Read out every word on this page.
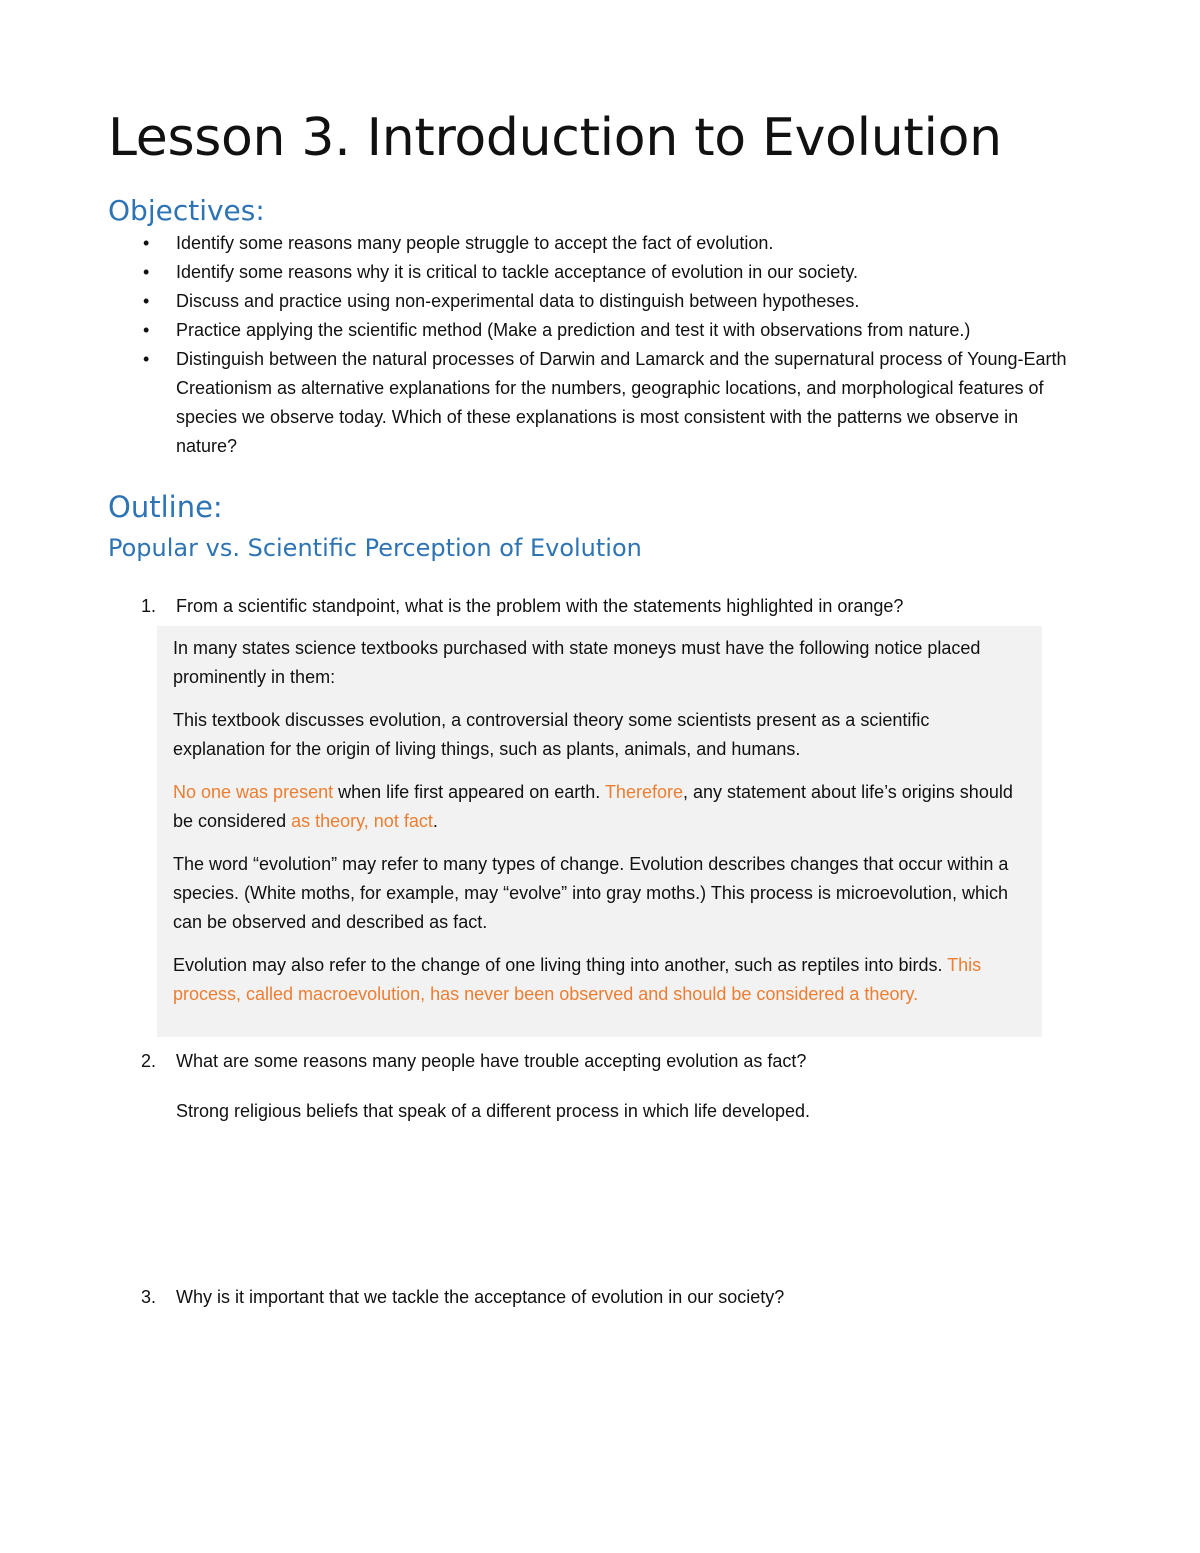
Lesson 3. Introduction to Evolution
Objectives:
• Identify some reasons many people struggle to accept the fact of evolution.
• Identify some reasons why it is critical to tackle acceptance of evolution in our society.
• Discuss and practice using non-experimental data to distinguish between hypotheses.
• Practice applying the scientific method (Make a prediction and test it with observations from nature.)
• Distinguish between the natural processes of Darwin and Lamarck and the supernatural process of Young-Earth Creationism as alternative explanations for the numbers, geographic locations, and morphological features of species we observe today. Which of these explanations is most consistent with the patterns we observe in nature?
Outline:
Popular vs. Scientific Perception of Evolution
1. From a scientific standpoint, what is the problem with the statements highlighted in orange?

In many states science textbooks purchased with state moneys must have the following notice placed prominently in them:

This textbook discusses evolution, a controversial theory some scientists present as a scientific explanation for the origin of living things, such as plants, animals, and humans.

No one was present when life first appeared on earth. Therefore, any statement about life’s origins should be considered as theory, not fact.

The word “evolution” may refer to many types of change. Evolution describes changes that occur within a species. (White moths, for example, may “evolve” into gray moths.) This process is microevolution, which can be observed and described as fact.

Evolution may also refer to the change of one living thing into another, such as reptiles into birds. This process, called macroevolution, has never been observed and should be considered a theory.

2. What are some reasons many people have trouble accepting evolution as fact?
Strong religious beliefs that speak of a different process in which life developed.
3. Why is it important that we tackle the acceptance of evolution in our society?
